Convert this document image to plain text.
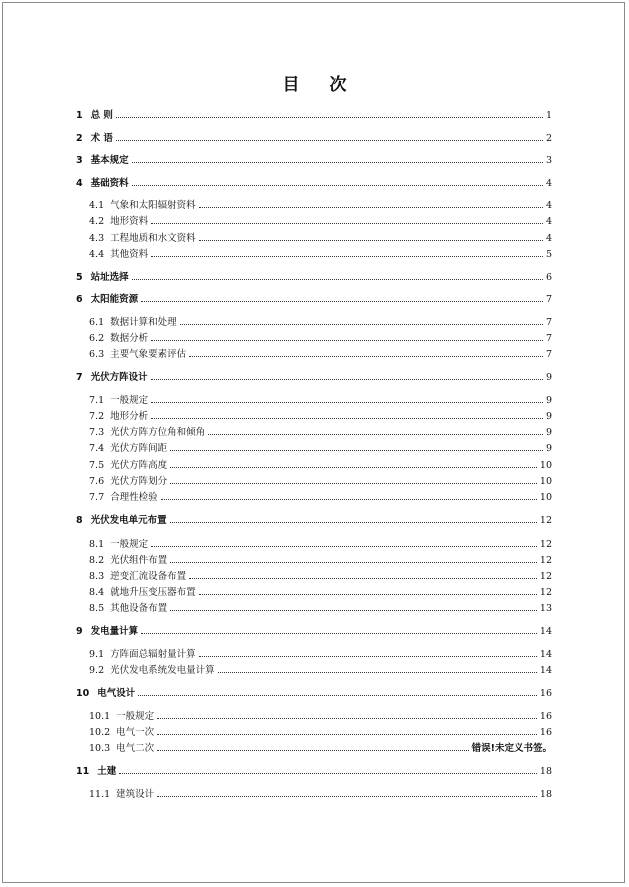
目 次
1 总 则	1
2 术 语	2
3 基本规定	3
4 基础资料	4
4.1 气象和太阳辐射资料	4
4.2 地形资料	4
4.3 工程地质和水文资料	4
4.4 其他资料	5
5 站址选择	6
6 太阳能资源	7
6.1 数据计算和处理	7
6.2 数据分析	7
6.3 主要气象要素评估	7
7 光伏方阵设计	9
7.1 一般规定	9
7.2 地形分析	9
7.3 光伏方阵方位角和倾角	9
7.4 光伏方阵间距	9
7.5 光伏方阵高度	10
7.6 光伏方阵划分	10
7.7 合理性检验	10
8 光伏发电单元布置	12
8.1 一般规定	12
8.2 光伏组件布置	12
8.3 逆变汇流设备布置	12
8.4 就地升压变压器布置	12
8.5 其他设备布置	13
9 发电量计算	14
9.1 方阵面总辐射量计算	14
9.2 光伏发电系统发电量计算	14
10 电气设计	16
10.1 一般规定	16
10.2 电气一次	16
10.3 电气二次	错误!未定义书签。
11 土建	18
11.1 建筑设计	18
